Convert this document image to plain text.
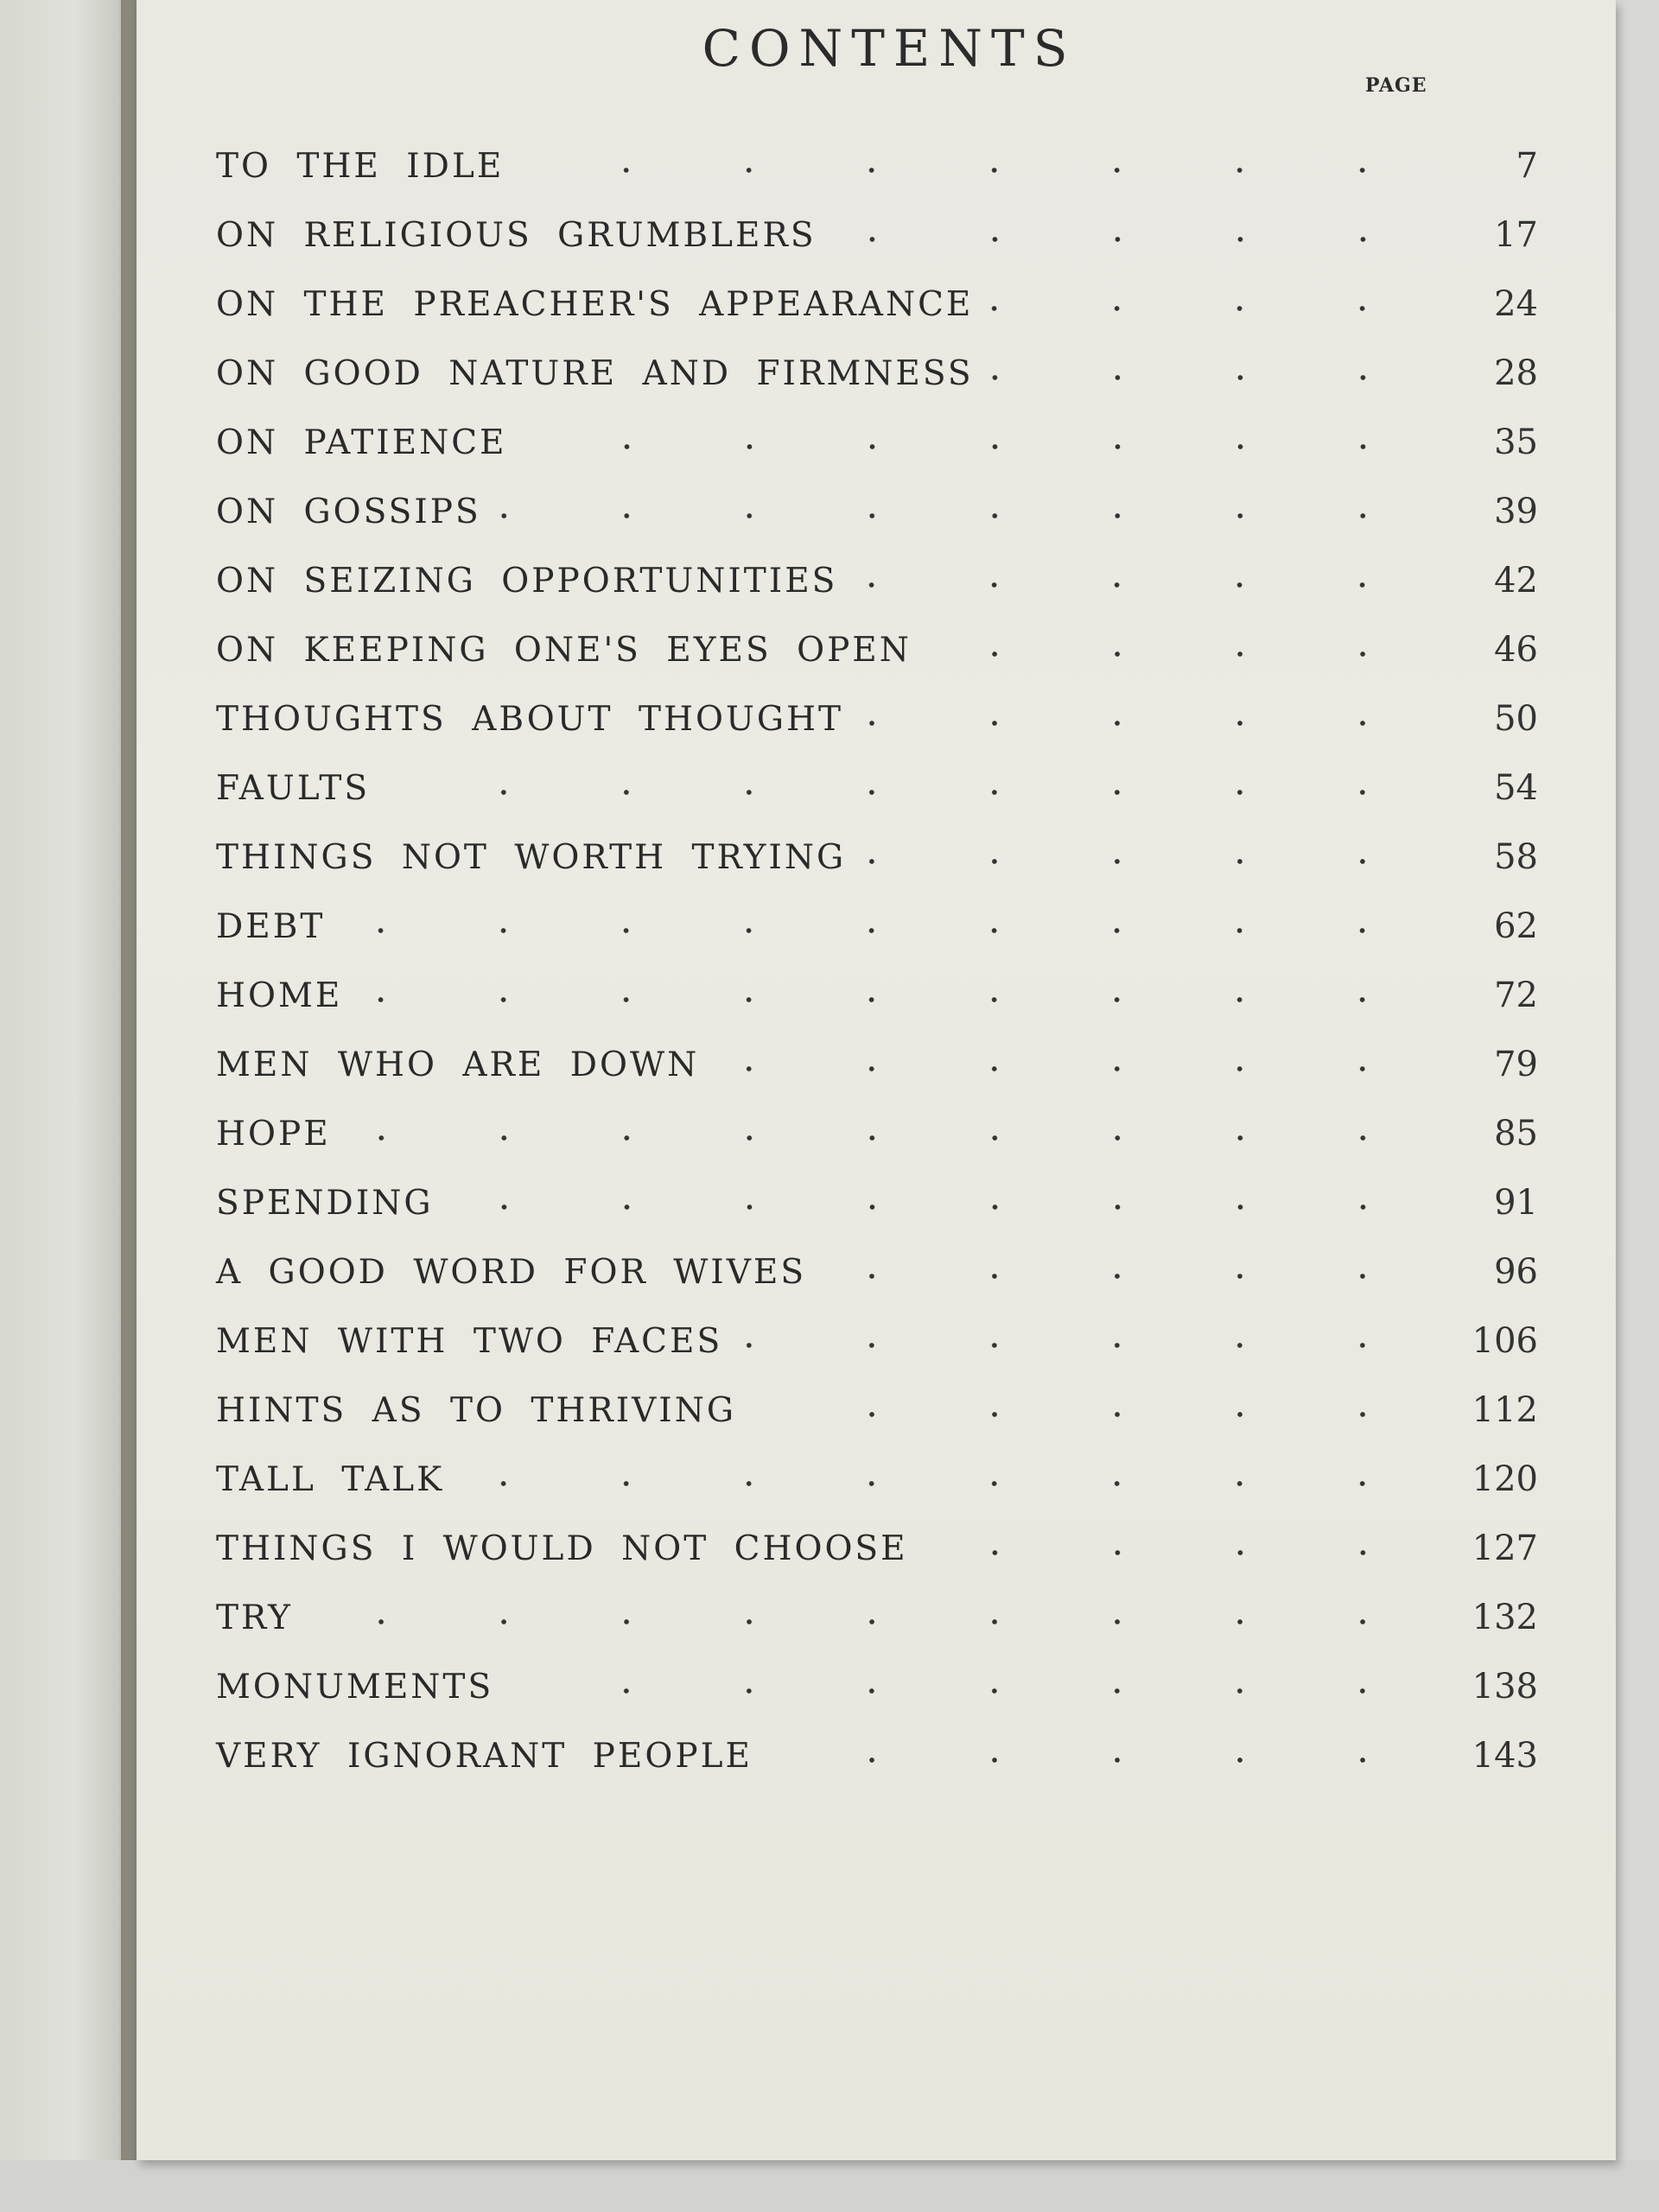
CONTENTS
PAGE
TO THE IDLE	7
ON RELIGIOUS GRUMBLERS	17
ON THE PREACHER'S APPEARANCE	24
ON GOOD NATURE AND FIRMNESS	28
ON PATIENCE	35
ON GOSSIPS	39
ON SEIZING OPPORTUNITIES	42
ON KEEPING ONE'S EYES OPEN	46
THOUGHTS ABOUT THOUGHT	50
FAULTS	54
THINGS NOT WORTH TRYING	58
DEBT	62
HOME	72
MEN WHO ARE DOWN	79
HOPE	85
SPENDING	91
A GOOD WORD FOR WIVES	96
MEN WITH TWO FACES	106
HINTS AS TO THRIVING	112
TALL TALK	120
THINGS I WOULD NOT CHOOSE	127
TRY	132
MONUMENTS	138
VERY IGNORANT PEOPLE	143
